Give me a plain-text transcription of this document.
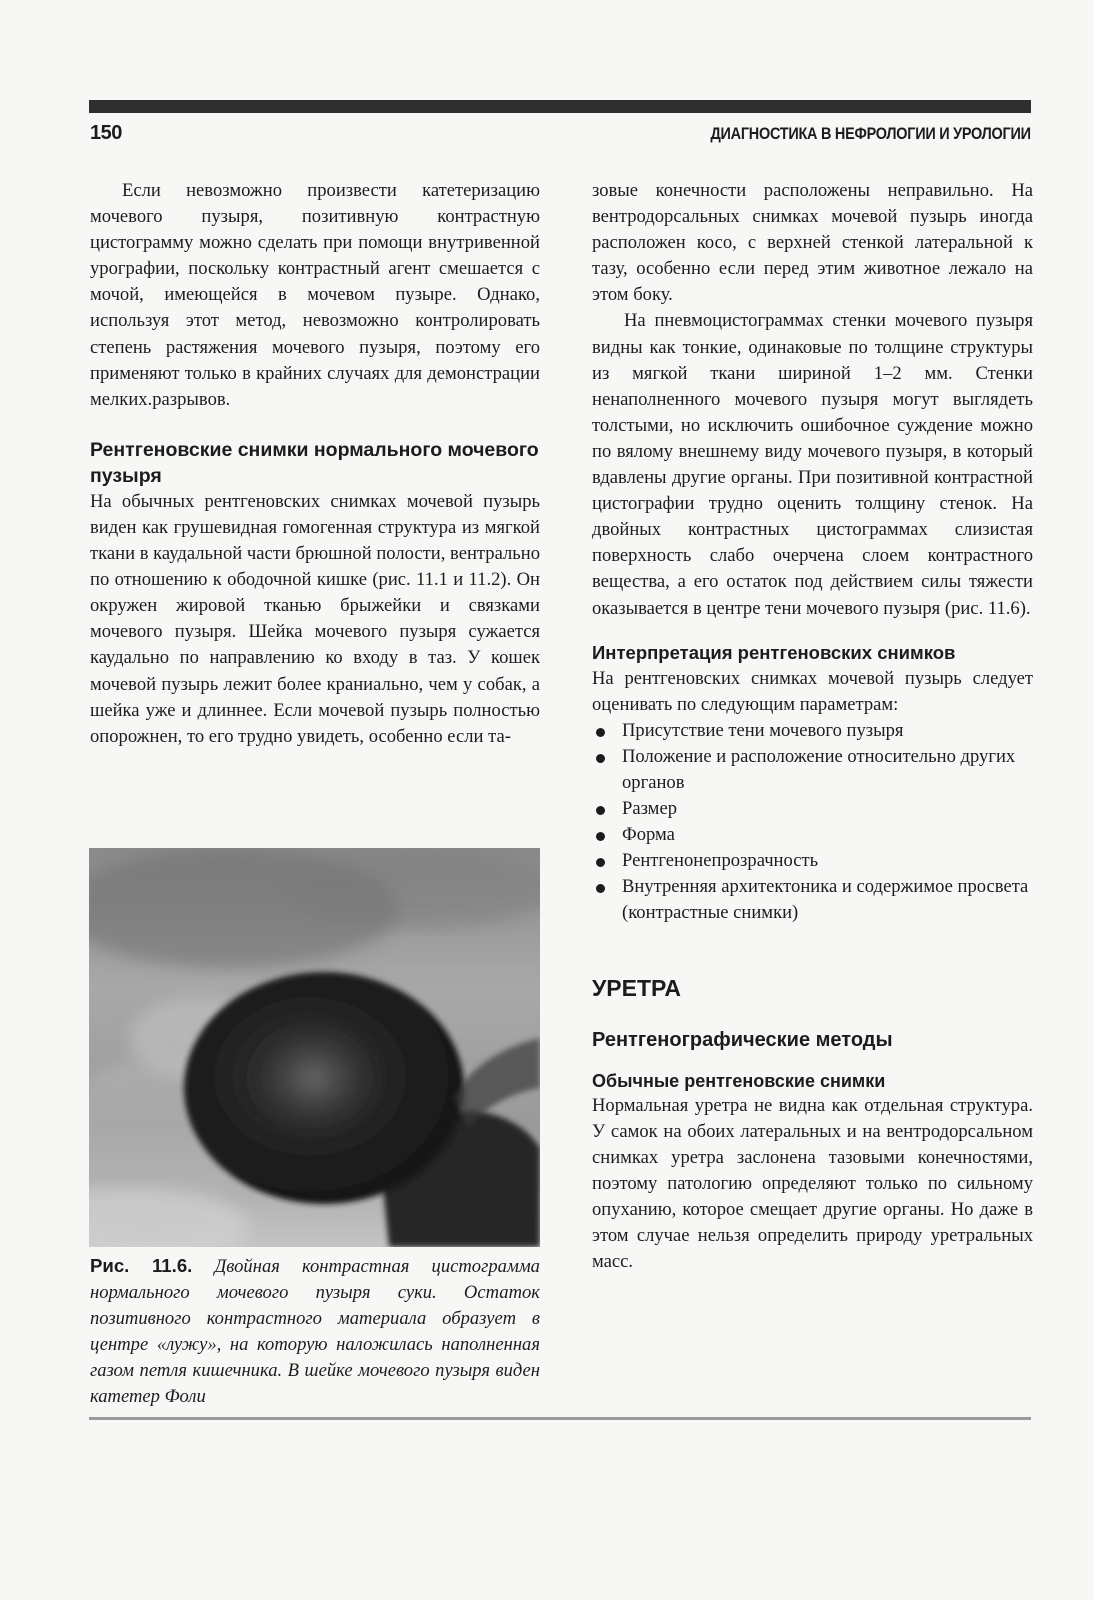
150	ДИАГНОСТИКА В НЕФРОЛОГИИ И УРОЛОГИИ

Если невозможно произвести катетеризацию мочевого пузыря, позитивную контрастную цистограмму можно сделать при помощи внутривенной урографии, поскольку контрастный агент смешается с мочой, имеющейся в мочевом пузыре. Однако, используя этот метод, невозможно контролировать степень растяжения мочевого пузыря, поэтому его применяют только в крайних случаях для демонстрации мелких.разрывов.

Рентгеновские снимки нормального мочевого пузыря

На обычных рентгеновских снимках мочевой пузырь виден как грушевидная гомогенная структура из мягкой ткани в каудальной части брюшной полости, вентрально по отношению к ободочной кишке (рис. 11.1 и 11.2). Он окружен жировой тканью брыжейки и связками мочевого пузыря. Шейка мочевого пузыря сужается каудально по направлению ко входу в таз. У кошек мочевой пузырь лежит более краниально, чем у собак, а шейка уже и длиннее. Если мочевой пузырь полностью опорожнен, то его трудно увидеть, особенно если та-

Рис. 11.6. Двойная контрастная цистограмма нормального мочевого пузыря суки. Остаток позитивного контрастного материала образует в центре «лужу», на которую наложилась наполненная газом петля кишечника. В шейке мочевого пузыря виден катетер Фоли

зовые конечности расположены неправильно. На вентродорсальных снимках мочевой пузырь иногда расположен косо, с верхней стенкой латеральной к тазу, особенно если перед этим животное лежало на этом боку.

На пневмоцистограммах стенки мочевого пузыря видны как тонкие, одинаковые по толщине структуры из мягкой ткани шириной 1–2 мм. Стенки ненаполненного мочевого пузыря могут выглядеть толстыми, но исключить ошибочное суждение можно по вялому внешнему виду мочевого пузыря, в который вдавлены другие органы. При позитивной контрастной цистографии трудно оценить толщину стенок. На двойных контрастных цистограммах слизистая поверхность слабо очерчена слоем контрастного вещества, а его остаток под действием силы тяжести оказывается в центре тени мочевого пузыря (рис. 11.6).

Интерпретация рентгеновских снимков

На рентгеновских снимках мочевой пузырь следует оценивать по следующим параметрам:

Присутствие тени мочевого пузыря
Положение и расположение относительно других органов
Размер
Форма
Рентгенонепрозрачность
Внутренняя архитектоника и содержимое просвета (контрастные снимки)

УРЕТРА

Рентгенографические методы

Обычные рентгеновские снимки

Нормальная уретра не видна как отдельная структура. У самок на обоих латеральных и на вентродорсальном снимках уретра заслонена тазовыми конечностями, поэтому патологию определяют только по сильному опуханию, которое смещает другие органы. Но даже в этом случае нельзя определить природу уретральных масс.
